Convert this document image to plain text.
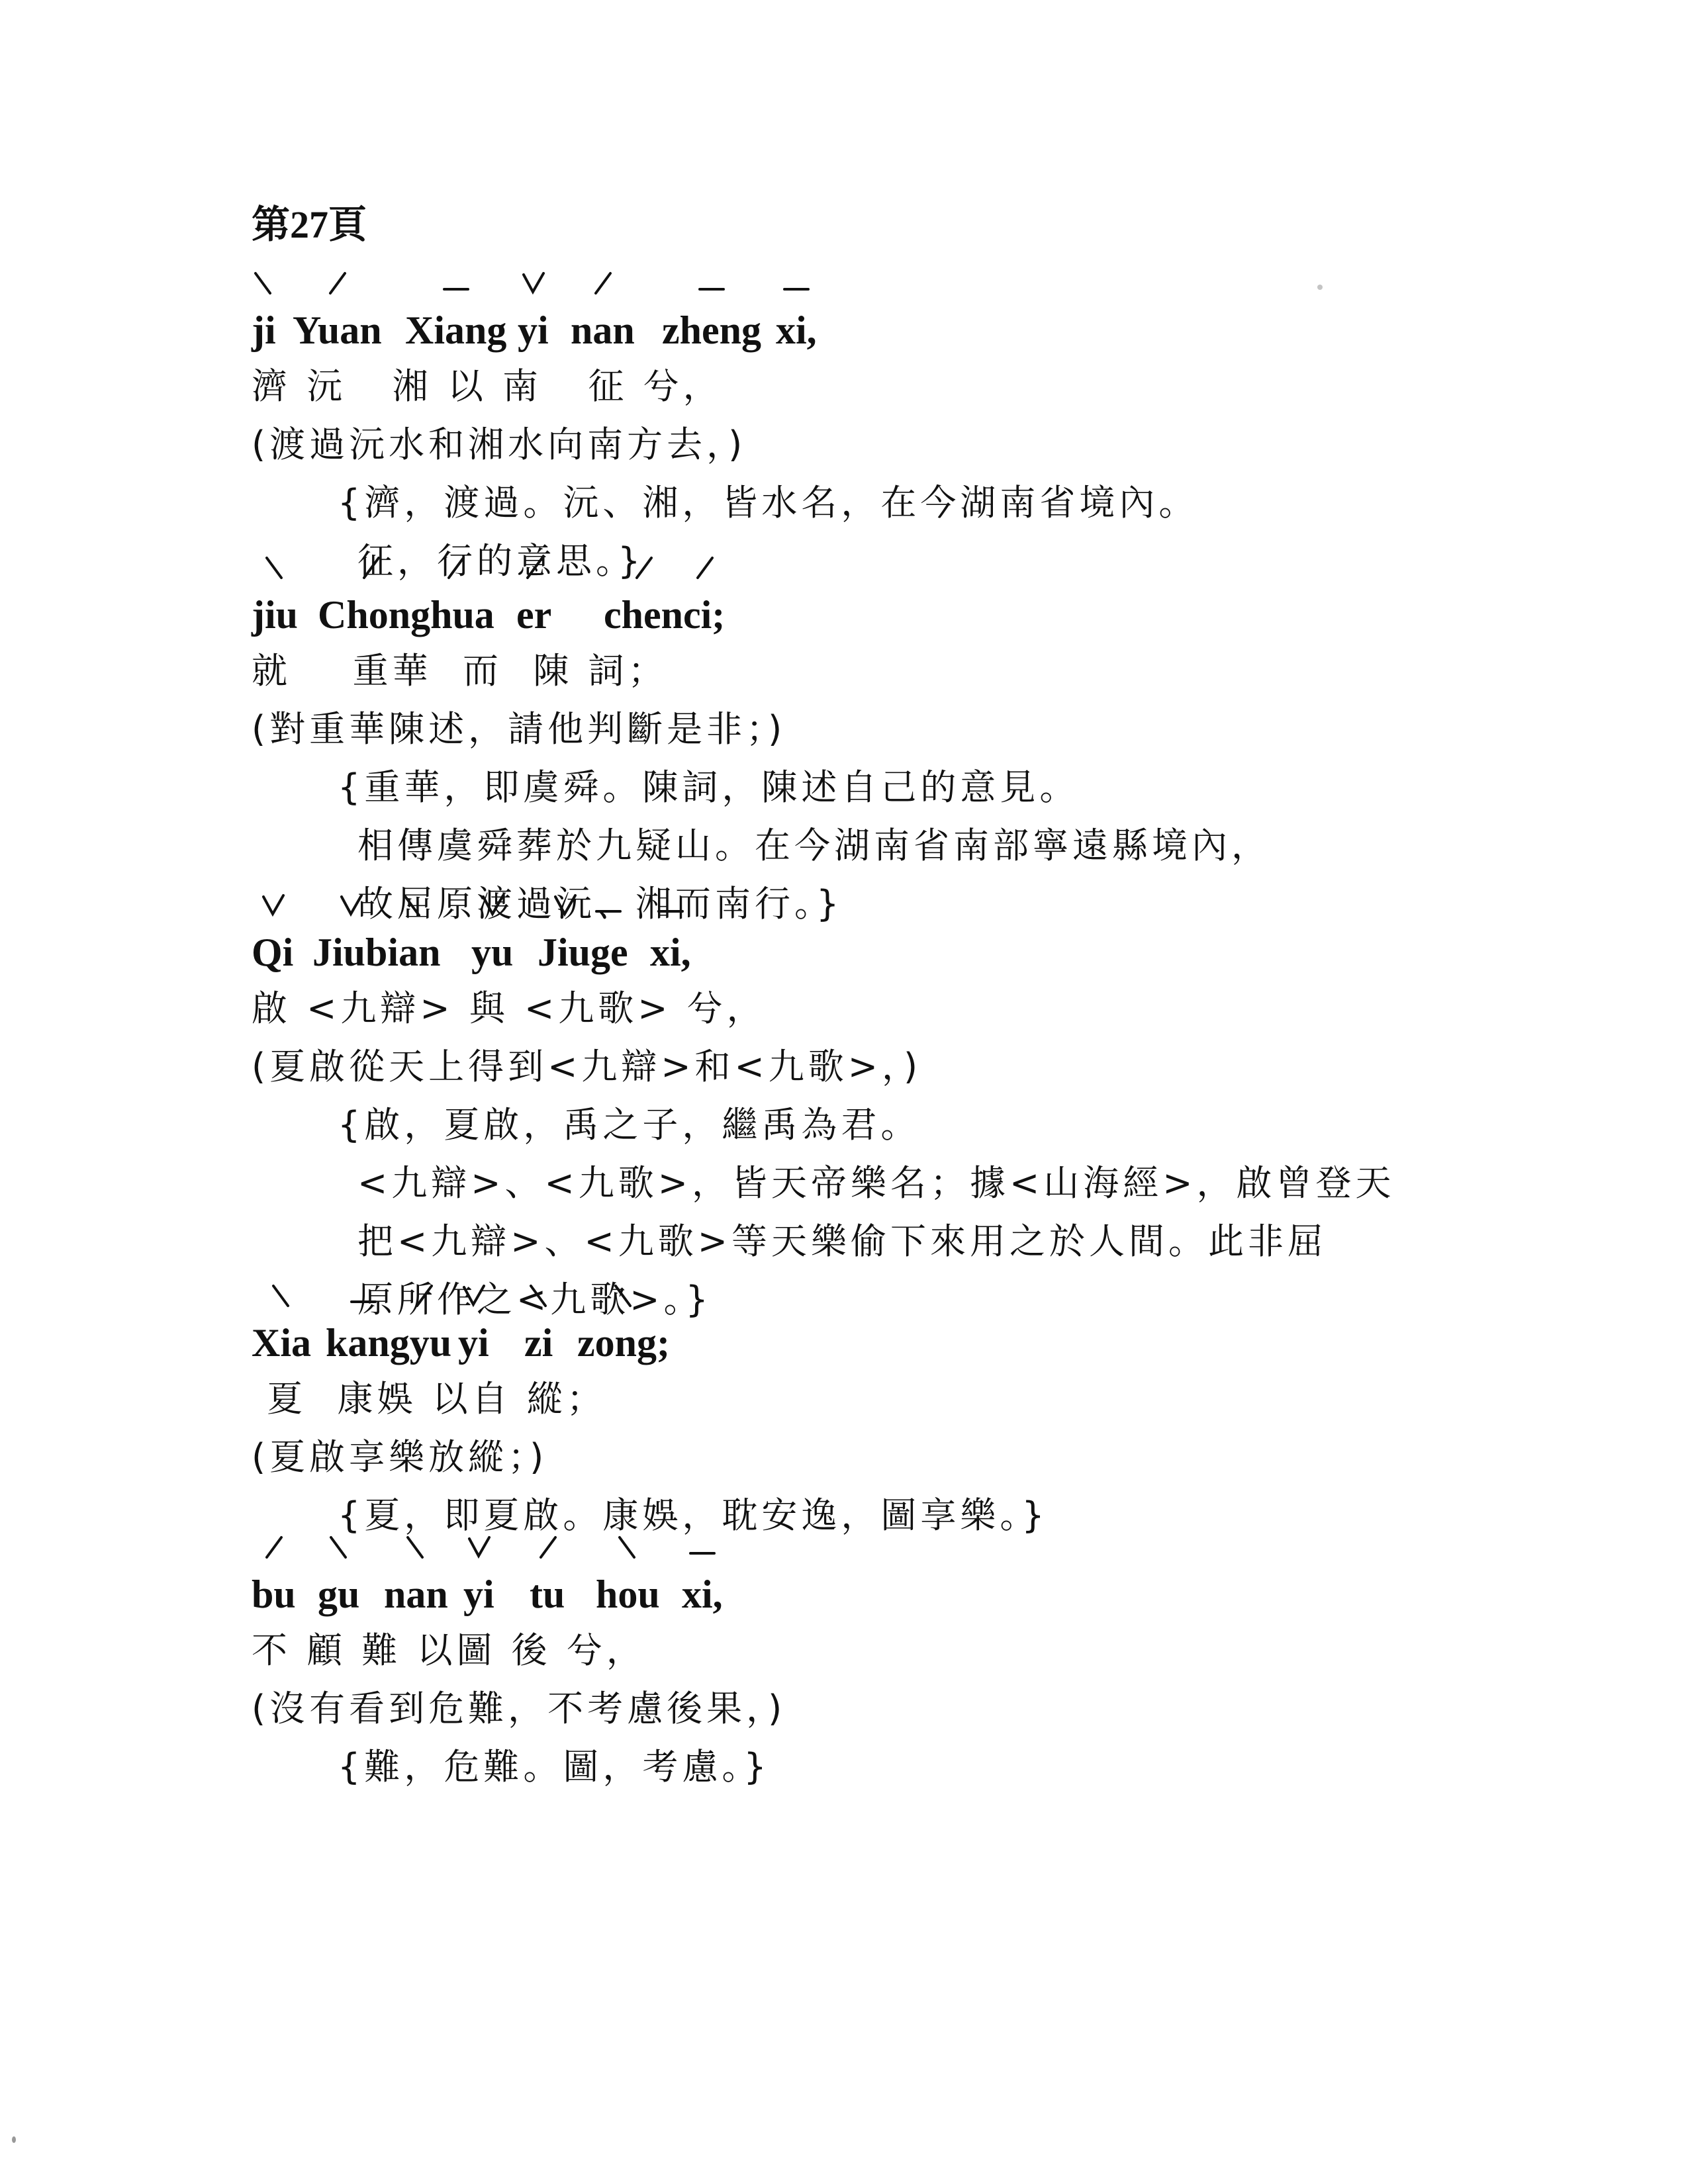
第27頁
ji Yuan Xiang yi nan zheng xi,
濟 沅   湘 以 南   征 兮，
(渡過沅水和湘水向南方去，)
{濟，渡過。沅、湘，皆水名，在今湖南省境內。
征，行的意思。}
jiu Chonghua er chen ci;
就    重華  而  陳 詞；
(對重華陳述，請他判斷是非；)
{重華，即虞舜。陳詞，陳述自己的意見。
相傳虞舜葬於九疑山。在今湖南省南部寧遠縣境內，
故屈原渡過沅、湘而南行。}
Qi Jiubian yu Jiuge xi,
啟 <九辯> 與 <九歌> 兮，
(夏啟從天上得到<九辯>和<九歌>，)
{啟，夏啟，禹之子，繼禹為君。
<九辯>、<九歌>，皆天帝樂名；據<山海經>，啟曾登天
把<九辯>、<九歌>等天樂偷下來用之於人間。此非屈
原所作之<九歌>。}
Xia kangyu yi zi zong;
夏  康娛 以自 縱；
(夏啟享樂放縱；)
{夏，即夏啟。康娛，耽安逸，圖享樂。}
bu gu nan yi tu hou xi,
不 顧 難 以圖 後 兮，
(沒有看到危難，不考慮後果，)
{難，危難。圖，考慮。}
